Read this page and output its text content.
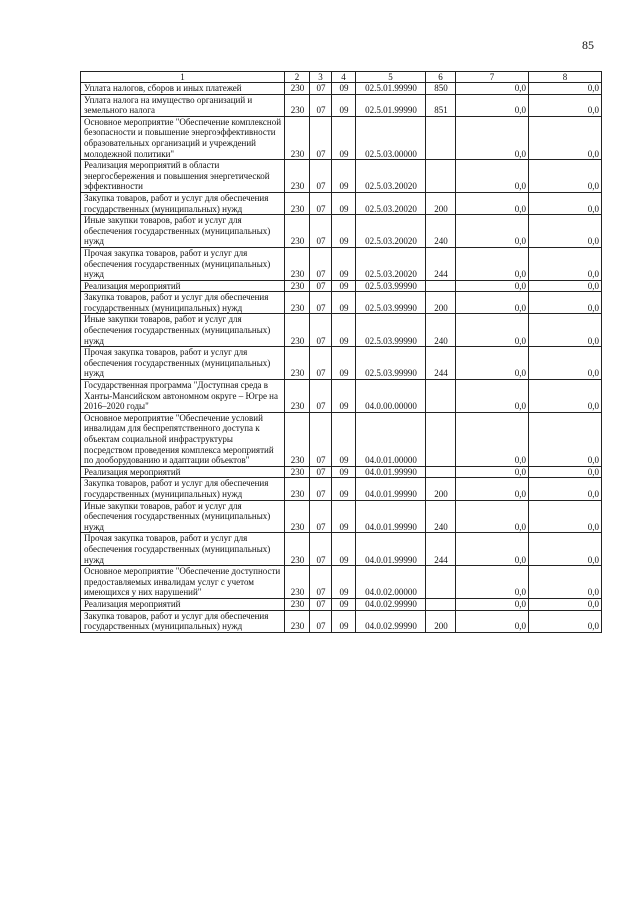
85
1	2	3	4	5	6	7	8
Уплата налогов, сборов и иных платежей	230	07	09	02.5.01.99990	850	0,0	0,0
Уплата налога на имущество организаций и земельного налога	230	07	09	02.5.01.99990	851	0,0	0,0
Основное мероприятие "Обеспечение комплексной безопасности и повышение энергоэффективности образовательных организаций и учреждений молодежной политики"	230	07	09	02.5.03.00000		0,0	0,0
Реализация мероприятий в области энергосбережения и повышения энергетической эффективности	230	07	09	02.5.03.20020		0,0	0,0
Закупка товаров, работ и услуг для обеспечения государственных (муниципальных) нужд	230	07	09	02.5.03.20020	200	0,0	0,0
Иные закупки товаров, работ и услуг для обеспечения государственных (муниципальных) нужд	230	07	09	02.5.03.20020	240	0,0	0,0
Прочая закупка товаров, работ и услуг для обеспечения государственных (муниципальных) нужд	230	07	09	02.5.03.20020	244	0,0	0,0
Реализация мероприятий	230	07	09	02.5.03.99990		0,0	0,0
Закупка товаров, работ и услуг для обеспечения государственных (муниципальных) нужд	230	07	09	02.5.03.99990	200	0,0	0,0
Иные закупки товаров, работ и услуг для обеспечения государственных (муниципальных) нужд	230	07	09	02.5.03.99990	240	0,0	0,0
Прочая закупка товаров, работ и услуг для обеспечения государственных (муниципальных) нужд	230	07	09	02.5.03.99990	244	0,0	0,0
Государственная программа "Доступная среда в Ханты-Мансийском автономном округе – Югре на 2016–2020 годы"	230	07	09	04.0.00.00000		0,0	0,0
Основное мероприятие "Обеспечение условий инвалидам для беспрепятственного доступа к объектам социальной инфраструктуры посредством проведения комплекса мероприятий по дооборудованию и адаптации объектов"	230	07	09	04.0.01.00000		0,0	0,0
Реализация мероприятий	230	07	09	04.0.01.99990		0,0	0,0
Закупка товаров, работ и услуг для обеспечения государственных (муниципальных) нужд	230	07	09	04.0.01.99990	200	0,0	0,0
Иные закупки товаров, работ и услуг для обеспечения государственных (муниципальных) нужд	230	07	09	04.0.01.99990	240	0,0	0,0
Прочая закупка товаров, работ и услуг для обеспечения государственных (муниципальных) нужд	230	07	09	04.0.01.99990	244	0,0	0,0
Основное мероприятие "Обеспечение доступности предоставляемых инвалидам услуг с учетом имеющихся у них нарушений"	230	07	09	04.0.02.00000		0,0	0,0
Реализация мероприятий	230	07	09	04.0.02.99990		0,0	0,0
Закупка товаров, работ и услуг для обеспечения государственных (муниципальных) нужд	230	07	09	04.0.02.99990	200	0,0	0,0
